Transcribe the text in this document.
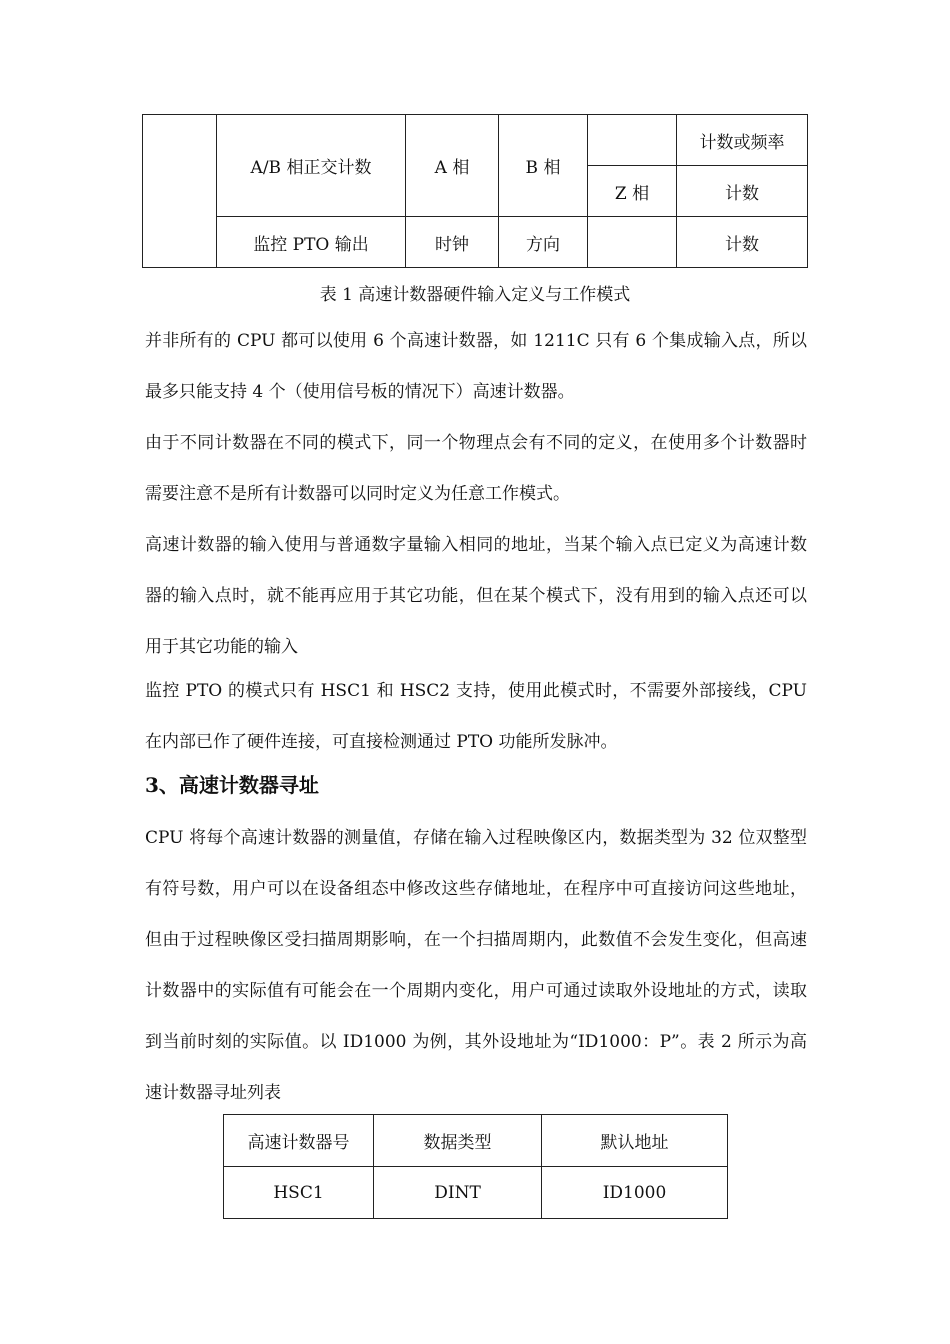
	A/B 相正交计数	A 相	B 相		计数或频率
				Z 相	计数
	监控 PTO 输出	时钟	方向		计数
表 1 高速计数器硬件输入定义与工作模式

并非所有的 CPU 都可以使用 6 个高速计数器，如 1211C 只有 6 个集成输入点，所以最多只能支持 4 个（使用信号板的情况下）高速计数器。

由于不同计数器在不同的模式下，同一个物理点会有不同的定义，在使用多个计数器时需要注意不是所有计数器可以同时定义为任意工作模式。

高速计数器的输入使用与普通数字量输入相同的地址，当某个输入点已定义为高速计数器的输入点时，就不能再应用于其它功能，但在某个模式下，没有用到的输入点还可以用于其它功能的输入

监控 PTO 的模式只有 HSC1 和 HSC2 支持，使用此模式时，不需要外部接线，CPU 在内部已作了硬件连接，可直接检测通过 PTO 功能所发脉冲。

3、高速计数器寻址

CPU 将每个高速计数器的测量值，存储在输入过程映像区内，数据类型为 32 位双整型有符号数，用户可以在设备组态中修改这些存储地址，在程序中可直接访问这些地址，但由于过程映像区受扫描周期影响，在一个扫描周期内，此数值不会发生变化，但高速计数器中的实际值有可能会在一个周期内变化，用户可通过读取外设地址的方式，读取到当前时刻的实际值。以 ID1000 为例，其外设地址为“ID1000：P”。表 2 所示为高速计数器寻址列表

高速计数器号	数据类型	默认地址
HSC1	DINT	ID1000
